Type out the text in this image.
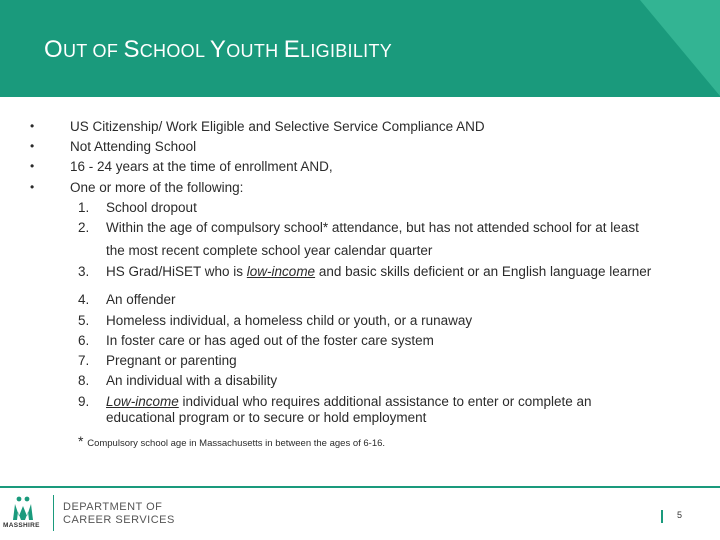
OUT OF SCHOOL YOUTH ELIGIBILITY
•	US Citizenship/ Work Eligible and Selective Service Compliance AND
•	Not Attending School
•	16 - 24 years at the time of enrollment AND,
•	One or more of the following:
1. School dropout
2. Within the age of compulsory school* attendance, but has not attended school for at least
the most recent complete school year calendar quarter
3. HS Grad/HiSET who is low-income and basic skills deficient or an English language learner
4. An offender
5. Homeless individual, a homeless child or youth, or a runaway
6. In foster care or has aged out of the foster care system
7. Pregnant or parenting
8. An individual with a disability
9. Low-income individual who requires additional assistance to enter or complete an
educational program or to secure or hold employment
* Compulsory school age in Massachusetts in between the ages of 6-16.
MASSHIRE
DEPARTMENT OF
CAREER SERVICES	5
